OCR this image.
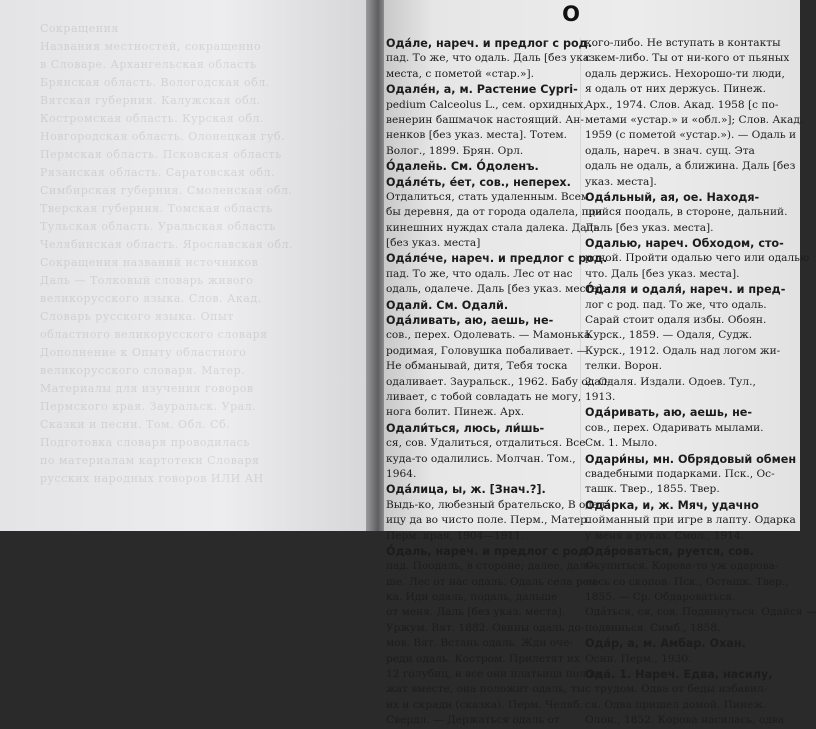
Сокращения
Названия местностей, сокращенно
в Словаре. Архангельская область
Брянская область. Вологодская обл.
Вятская губерния. Калужская обл.
Костромская область. Курская обл.
Новгородская область. Олонецкая губ.
Пермская область. Псковская область
Рязанская область. Саратовская обл.
Симбирская губерния. Смоленская обл.
Тверская губерния. Томская область
Тульская область. Уральская область
Челябинская область. Ярославская обл.
Сокращения названий источников
Даль — Толковый словарь живого
великорусского языка. Слов. Акад.
Словарь русского языка. Опыт
областного великорусского словаря
Дополнение к Опыту областного
великорусского словаря. Матер.
Материалы для изучения говоров
Пермского края. Зауральск. Урал.
Сказки и песни. Том. Обл. Сб.
Подготовка словаря проводилась
по материалам картотеки Словаря
русских народных говоров ИЛИ АН
О
Ода́ле, нареч. и предлог с род.
пад. То же, что одаль. Даль [без указ.
места, с пометой «стар.»].
Одале́н, а, м. Растение Cypri-
pedium Calceolus L., сем. орхидных,
венерин башмачок настоящий. Ан-
ненков [без указ. места]. Тотем.
Волог., 1899. Брян. Орл.
О́дален̆ь. См. О́доленъ.
Ода́ле́ть, е́ет, сов., неперех.
Отдалиться, стать удаленным. Всем
бы деревня, да от города одалела, при
кинешних нуждах стала далека. Даль
[без указ. места]
Ода́ле́че, нареч. и предлог с род.
пад. То же, что одаль. Лес от нас
одаль, одалече. Даль [без указ. места].
Одалй. См. Одалй.
Ода́ливать, аю, аешь, не-
сов., перех. Одолевать. — Мамонька
родимая, Головушка побаливает. —
Не обманывай, дитя, Тебя тоска
одаливает. Зауральск., 1962. Бабу одал-
ливает, с тобой совладать не могу,
нога болит. Пинеж. Арх.
Одали́ться, люсь, ли́шь-
ся, сов. Удалиться, отдалиться. Все
куда-то одалились. Молчан. Том.,
1964.
Ода́лица, ы, ж. [Знач.?].
Выдь-ко, любезный брательско, В одал-
ицу да во чисто поле. Перм., Матер.
Перм. края, 1904—1911.
О́даль, нареч. и предлог с род.
пад. Поодаль, в стороне; далее, даль-
ше. Лес от нас одаль. Одаль села реч-
ка. Иди одаль, подаль, дальше
от меня. Даль [без указ. места].
Уржум. Вят. 1882. Овины одаль до-
мов. Вят. Встань одаль. Жди оче-
реди одаль. Костром. Прилетят их
12 голубиц, и все они платьица полож-
жат вместе, она положит одаль, ты
их и скради (сказка). Перм. Челяб.
Свердл. — Держаться одаль от
кого-либо. Не вступать в контакты
с кем-либо. Ты от ни-кого от пьяных
одаль держись. Нехорошо-ти люди,
я одаль от них держусь. Пинеж.
Арх., 1974. Слов. Акад. 1958 [с по-
метами «устар.» и «обл.»]; Слов. Акад.
1959 (с пометой «устар.»). — Одаль и
одаль, нареч. в знач. сущ. Эта
одаль не одаль, а ближина. Даль [без
указ. места].
Ода́льный, ая, ое. Находя-
щийся поодаль, в стороне, дальний.
Даль [без указ. места].
Одалью, нареч. Обходом, сто-
роной. Пройти одалью чего или одалью
что. Даль [без указ. места].
О́даля и одаля́, нареч. и пред-
лог с род. пад. То же, что одаль.
Сарай стоит одаля избы. Обоян.
Курск., 1859. — Одаля, Судж.
Курск., 1912. Одаль над логом жи-
телки. Ворон.
2. Одаля. Издали. Одоев. Тул.,
1913.
Ода́ривать, аю, аешь, не-
сов., перех. Одаривать мылами.
См. 1. Мыло.
Одари́ны, мн. Обрядовый обмен
свадебными подарками. Пск., Ос-
ташк. Твер., 1855. Твер.
Ода́рка, и, ж. Мяч, удачно
пойманный при игре в лапту. Одарка
у меня в руках. Смол., 1914.
Ода́роваться, руется, сов.
Окупиться. Корова-то уж одарова-
лась со скопов. Пск., Осташк. Твер.,
1855. — Ср. Обдароваться.
Ода́ться, ся, сов. Подвинуться. Одайся —
подвинься. Симб., 1858.
Ода́р, а, м. Амбар. Охан.
Осин. Перм., 1930.
Ода́. 1. Нареч. Едва, насилу,
с трудом. Одва от беды избавил-
ся. Одва пришел домой. Пинеж.
Олон., 1852. Корова насилась, одва
